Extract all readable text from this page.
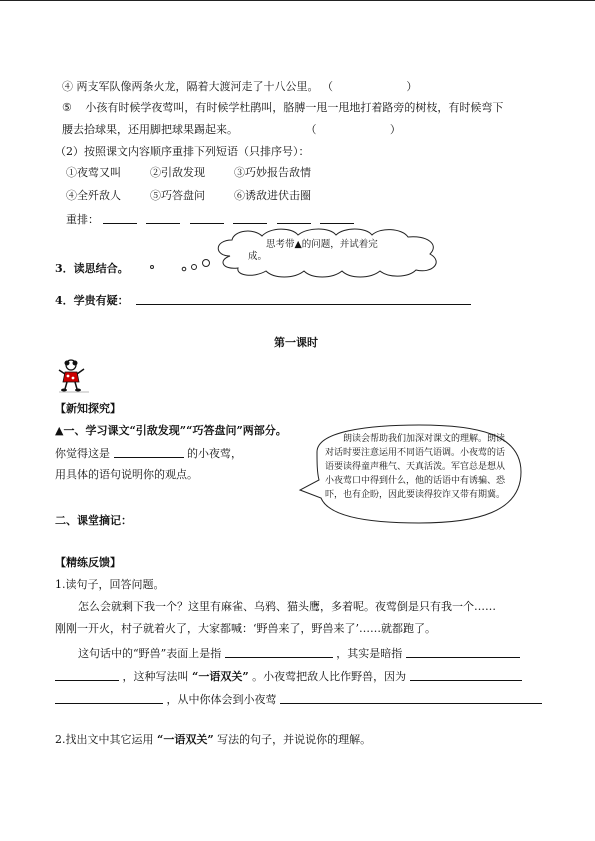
④ 两支军队像两条火龙，隔着大渡河走了十八公里。 （                     ）
⑤ 小孩有时候学夜莺叫，有时候学杜鹃叫，胳膊一甩一甩地打着路旁的树枝，有时候弯下
腰去拾球果，还用脚把球果踢起来。	（                     ）
（2）按照课文内容顺序重排下列短语（只排序号）：
①夜莺又叫	②引敌发现	③巧妙报告敌情
④全歼敌人	⑤巧答盘问	⑥诱敌进伏击圈
重排：
思考带▲的问题，并试着完
成。
3．读思结合。
4．学贵有疑：
第一课时
【新知探究】
▲一、学习课文“引敌发现”“巧答盘问”两部分。
你觉得这是	的小夜莺，
用具体的语句说明你的观点。
朗读会帮助我们加深对课文的理解。朗读对话时要注意运用不同语气语调。小夜莺的话语要读得童声稚气、天真活泼。军官总是想从小夜莺口中得到什么，他的话语中有诱骗、恐吓，也有企盼，因此要读得狡诈又带有期冀。
二、课堂摘记：
【精练反馈】
1.读句子，回答问题。
怎么会就剩下我一个？这里有麻雀、乌鸦、猫头鹰，多着呢。夜莺倒是只有我一个……
刚刚一开火，村子就着火了，大家都喊：‘野兽来了，野兽来了’……就都跑了。
这句话中的“野兽”表面上是指	，其实是暗指
，这种写法叫 “一语双关” 。小夜莺把敌人比作野兽，因为
，从中你体会到小夜莺
2.找出文中其它运用 “一语双关” 写法的句子，并说说你的理解。
